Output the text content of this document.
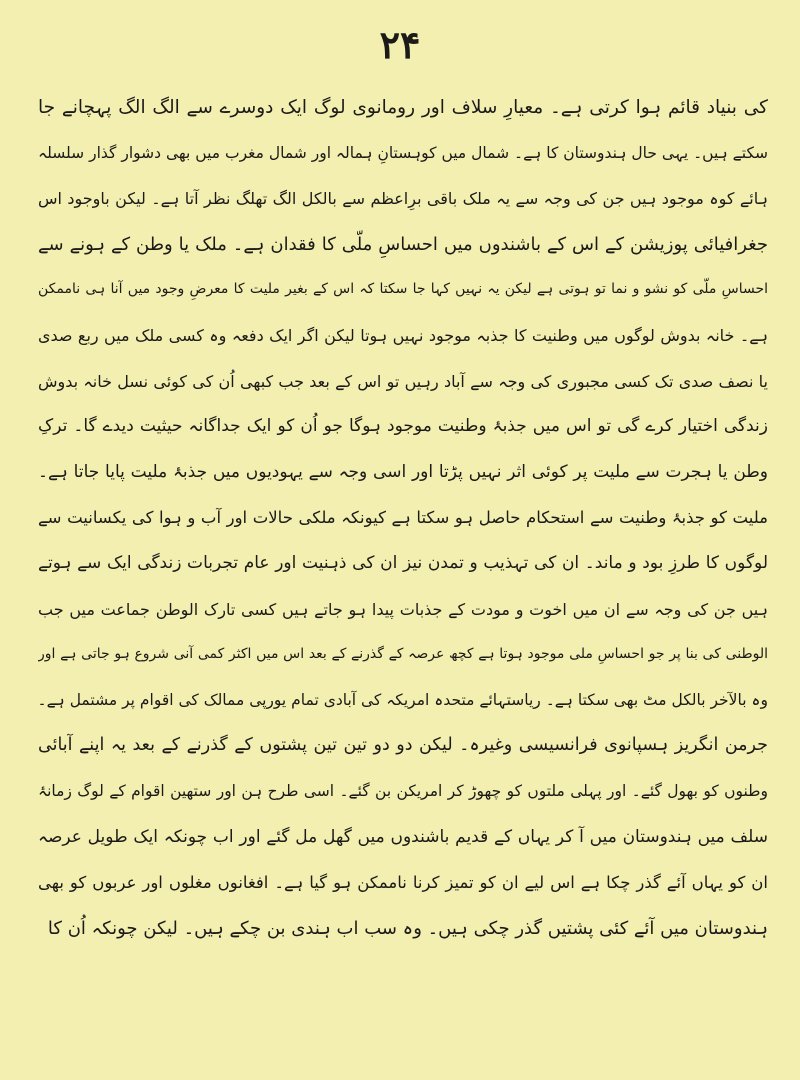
۲۴
کی بنیاد قائم ہوا کرتی ہے۔ معیارِ سلاف اور رومانوی لوگ ایک دوسرے سے الگ الگ پہچانے جا
سکتے ہیں۔ یہی حال ہندوستان کا ہے۔ شمال میں کوہستانِ ہمالہ اور شمال مغرب میں بھی دشوار گذار سلسلہ
ہائے کوہ موجود ہیں جن کی وجہ سے یہ ملک باقی برِاعظم سے بالکل الگ تھلگ نظر آتا ہے۔ لیکن باوجود اس
جغرافیائی پوزیشن کے اس کے باشندوں میں احساسِ ملّی کا فقدان ہے۔ ملک یا وطن کے ہونے سے
احساسِ ملّی کو نشو و نما تو ہوتی ہے لیکن یہ نہیں کہا جا سکتا کہ اس کے بغیر ملیت کا معرضِ وجود میں آنا ہی ناممکن
ہے۔ خانہ بدوش لوگوں میں وطنیت کا جذبہ موجود نہیں ہوتا لیکن اگر ایک دفعہ وہ کسی ملک میں ربع صدی
یا نصف صدی تک کسی مجبوری کی وجہ سے آباد رہیں تو اس کے بعد جب کبھی اُن کی کوئی نسل خانہ بدوش
زندگی اختیار کرے گی تو اس میں جذبۂ وطنیت موجود ہوگا جو اُن کو ایک جداگانہ حیثیت دیدے گا۔ ترکِ
وطن یا ہجرت سے ملیت پر کوئی اثر نہیں پڑتا اور اسی وجہ سے یہودیوں میں جذبۂ ملیت پایا جاتا ہے۔
ملیت کو جذبۂ وطنیت سے استحکام حاصل ہو سکتا ہے کیونکہ ملکی حالات اور آب و ہوا کی یکسانیت سے
لوگوں کا طرزِ بود و ماند۔ ان کی تہذیب و تمدن نیز ان کی ذہنیت اور عام تجربات زندگی ایک سے ہوتے
ہیں جن کی وجہ سے ان میں اخوت و مودت کے جذبات پیدا ہو جاتے ہیں کسی تارک الوطن جماعت میں جب
الوطنی کی بنا پر جو احساسِ ملی موجود ہوتا ہے کچھ عرصہ کے گذرنے کے بعد اس میں اکثر کمی آنی شروع ہو جاتی ہے اور
وہ بالآخر بالکل مٹ بھی سکتا ہے۔ ریاستہائے متحدہ امریکہ کی آبادی تمام یورپی ممالک کی اقوام پر مشتمل ہے۔
جرمن انگریز ہسپانوی فرانسیسی وغیرہ۔ لیکن دو دو تین تین پشتوں کے گذرنے کے بعد یہ اپنے آبائی
وطنوں کو بھول گئے۔ اور پہلی ملتوں کو چھوڑ کر امریکن بن گئے۔ اسی طرح ہن اور ستھین اقوام کے لوگ زمانۂ
سلف میں ہندوستان میں آ کر یہاں کے قدیم باشندوں میں گھل مل گئے اور اب چونکہ ایک طویل عرصہ
ان کو یہاں آئے گذر چکا ہے اس لیے ان کو تمیز کرنا ناممکن ہو گیا ہے۔ افغانوں مغلوں اور عربوں کو بھی
ہندوستان میں آئے کئی پشتیں گذر چکی ہیں۔ وہ سب اب ہندی بن چکے ہیں۔ لیکن چونکہ اُن کا
